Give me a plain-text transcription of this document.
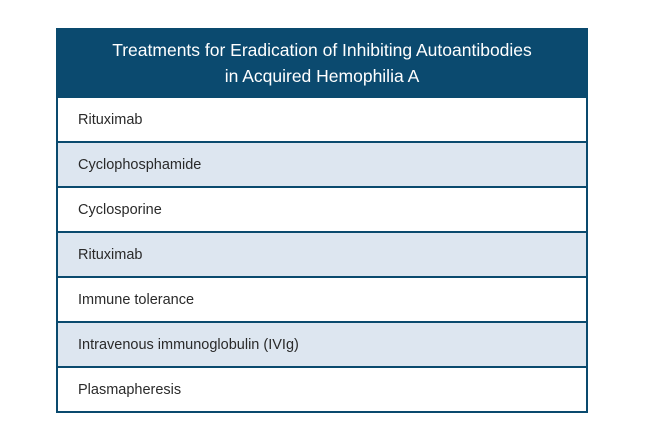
Treatments for Eradication of Inhibiting Autoantibodies
in Acquired Hemophilia A
Rituximab
Cyclophosphamide
Cyclosporine
Rituximab
Immune tolerance
Intravenous immunoglobulin (IVIg)
Plasmapheresis
